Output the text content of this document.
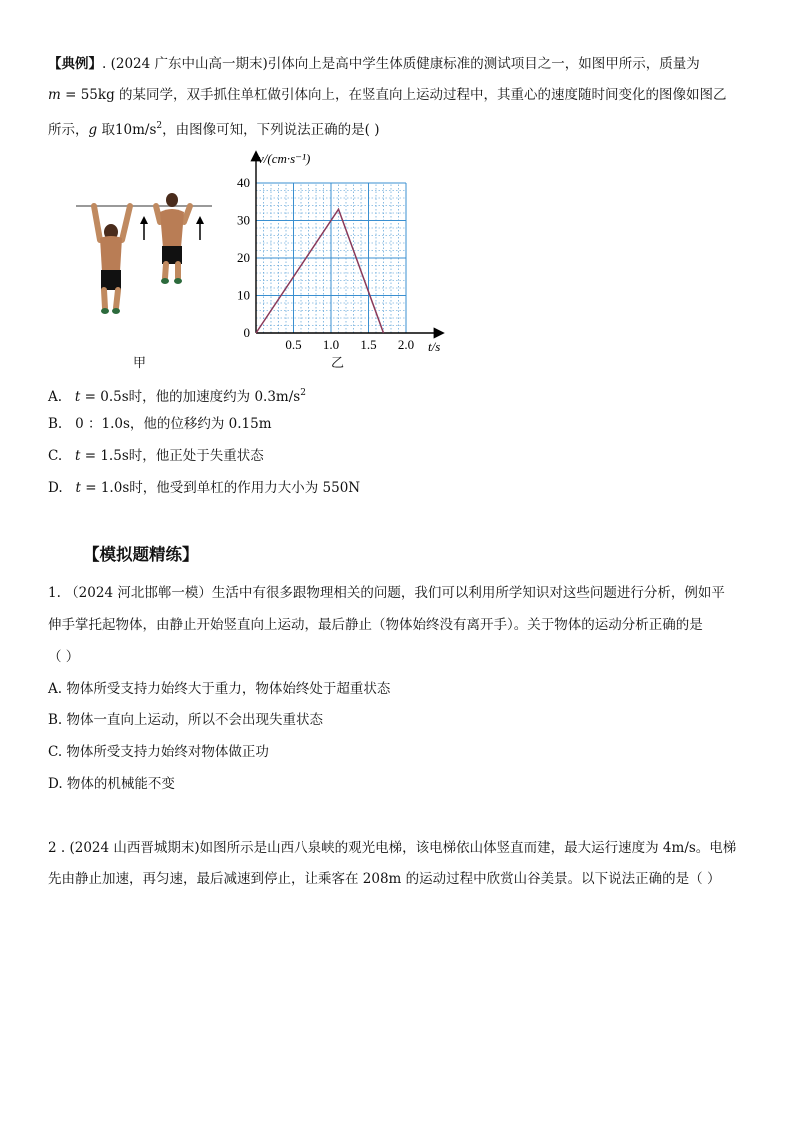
【典例】. (2024 广东中山高一期末)引体向上是高中学生体质健康标准的测试项目之一，如图甲所示，质量为
m = 55kg 的某同学，双手抓住单杠做引体向上，在竖直向上运动过程中，其重心的速度随时间变化的图像如图乙
所示，g 取$10m/s^2$，由图像可知，下列说法正确的是( )
甲
v/(cm·s⁻¹)
t/s
0
10
20
30
40
0.5 1.0 1.5 2.0
乙
A. t = 0.5s时，他的加速度约为 $0.3m/s^2$
B. 0 ：1.0s，他的位移约为 0.15m
C. t = 1.5s时，他正处于失重状态
D. t = 1.0s时，他受到单杠的作用力大小为 550N
【模拟题精练】
1. （2024 河北邯郸一模）生活中有很多跟物理相关的问题，我们可以利用所学知识对这些问题进行分析，例如平
伸手掌托起物体，由静止开始竖直向上运动，最后静止（物体始终没有离开手）。关于物体的运动分析正确的是
（ ）
A. 物体所受支持力始终大于重力，物体始终处于超重状态
B. 物体一直向上运动，所以不会出现失重状态
C. 物体所受支持力始终对物体做正功
D. 物体的机械能不变
2 . (2024 山西晋城期末)如图所示是山西八泉峡的观光电梯，该电梯依山体竖直而建，最大运行速度为 4m/s。电梯
先由静止加速，再匀速，最后减速到停止，让乘客在 208m 的运动过程中欣赏山谷美景。以下说法正确的是（ ）
